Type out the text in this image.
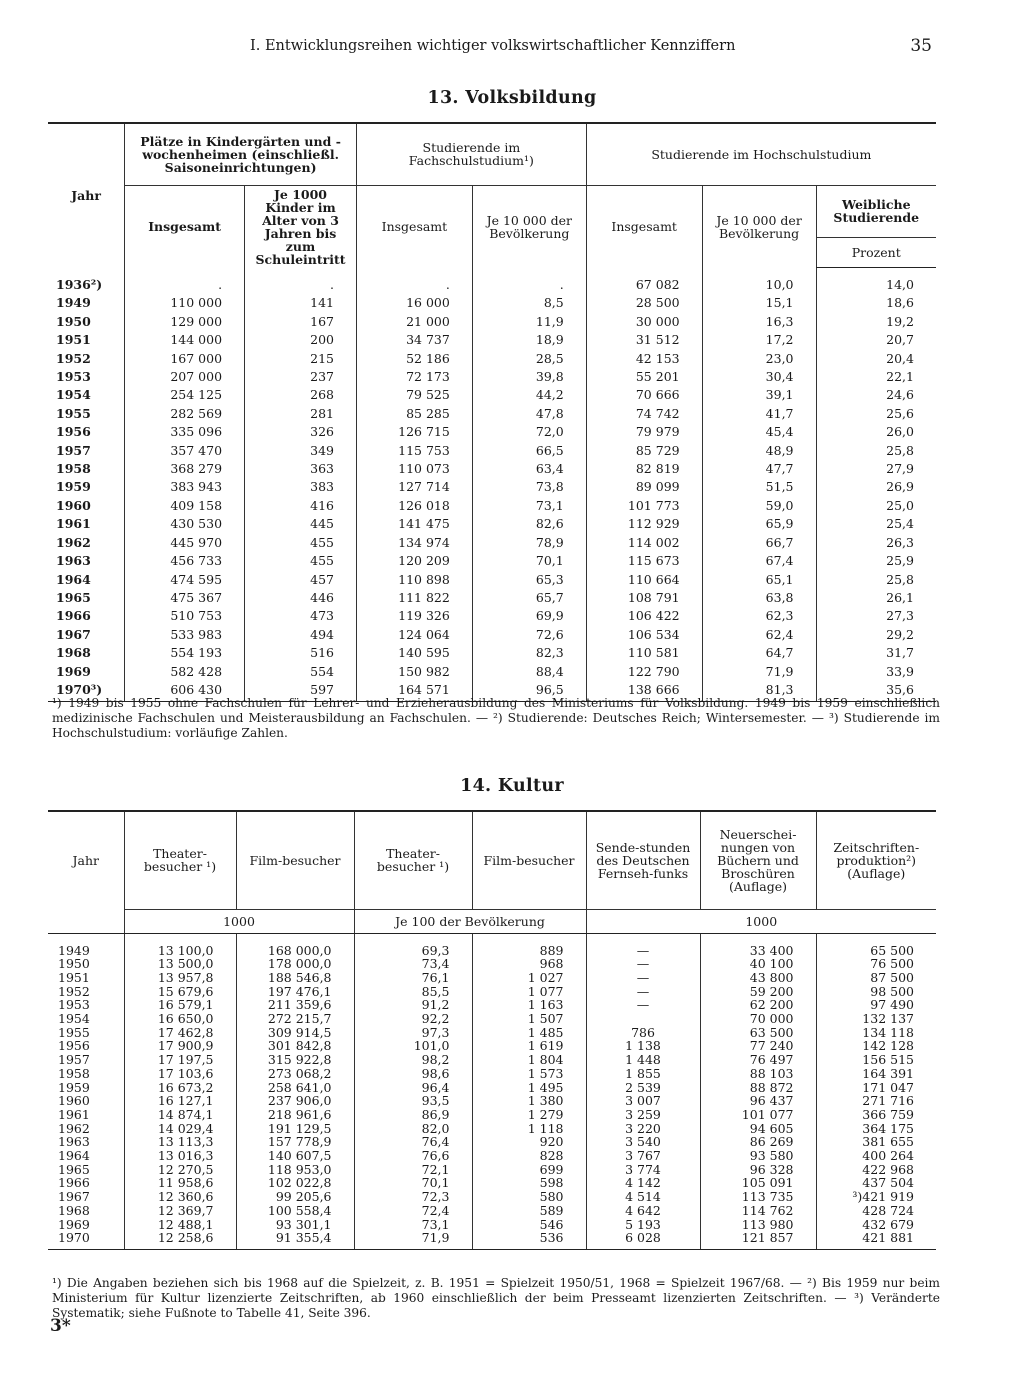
I. Entwicklungsreihen wichtiger volkswirtschaftlicher Kennziffern	35
13. Volksbildung
Jahr	Plätze in Kindergärten und -wochenheimen (einschließl. Saisoneinrichtungen)		Studierende im Fachschulstudium¹)		Studierende im Hochschulstudium		
	Insgesamt	Je 1000 Kinder im Alter von 3 Jahren bis zum Schuleintritt	Insgesamt	Je 10 000 der Bevölkerung	Insgesamt	Je 10 000 der Bevölkerung	Weibliche Studierende
							Prozent
1936²)	.	.	.	.	67 082	10,0	14,0
1949	110 000	141	16 000	8,5	28 500	15,1	18,6
1950	129 000	167	21 000	11,9	30 000	16,3	19,2
1951	144 000	200	34 737	18,9	31 512	17,2	20,7
1952	167 000	215	52 186	28,5	42 153	23,0	20,4
1953	207 000	237	72 173	39,8	55 201	30,4	22,1
1954	254 125	268	79 525	44,2	70 666	39,1	24,6
1955	282 569	281	85 285	47,8	74 742	41,7	25,6
1956	335 096	326	126 715	72,0	79 979	45,4	26,0
1957	357 470	349	115 753	66,5	85 729	48,9	25,8
1958	368 279	363	110 073	63,4	82 819	47,7	27,9
1959	383 943	383	127 714	73,8	89 099	51,5	26,9
1960	409 158	416	126 018	73,1	101 773	59,0	25,0
1961	430 530	445	141 475	82,6	112 929	65,9	25,4
1962	445 970	455	134 974	78,9	114 002	66,7	26,3
1963	456 733	455	120 209	70,1	115 673	67,4	25,9
1964	474 595	457	110 898	65,3	110 664	65,1	25,8
1965	475 367	446	111 822	65,7	108 791	63,8	26,1
1966	510 753	473	119 326	69,9	106 422	62,3	27,3
1967	533 983	494	124 064	72,6	106 534	62,4	29,2
1968	554 193	516	140 595	82,3	110 581	64,7	31,7
1969	582 428	554	150 982	88,4	122 790	71,9	33,9
1970³)	606 430	597	164 571	96,5	138 666	81,3	35,6
¹) 1949 bis 1955 ohne Fachschulen für Lehrer- und Erzieherausbildung des Ministeriums für Volksbildung. 1949 bis 1959 einschließlich medizinische Fachschulen und Meisterausbildung an Fachschulen. — ²) Studierende: Deutsches Reich; Wintersemester. — ³) Studierende im Hochschulstudium: vorläufige Zahlen.
14. Kultur
Jahr	Theater-besucher ¹)	Film-besucher	Theater-besucher ¹)	Film-besucher	Sende-stunden des Deutschen Fernseh-funks	Neuerschei-nungen von Büchern und Broschüren (Auflage)	Zeitschriften-produktion²) (Auflage)
	1000		Je 100 der Bevölkerung		1000		
1949	13 100,0	168 000,0	69,3	889	—	33 400	65 500
1950	13 500,0	178 000,0	73,4	968	—	40 100	76 500
1951	13 957,8	188 546,8	76,1	1 027	—	43 800	87 500
1952	15 679,6	197 476,1	85,5	1 077	—	59 200	98 500
1953	16 579,1	211 359,6	91,2	1 163	—	62 200	97 490
1954	16 650,0	272 215,7	92,2	1 507		70 000	132 137
1955	17 462,8	309 914,5	97,3	1 485	786	63 500	134 118
1956	17 900,9	301 842,8	101,0	1 619	1 138	77 240	142 128
1957	17 197,5	315 922,8	98,2	1 804	1 448	76 497	156 515
1958	17 103,6	273 068,2	98,6	1 573	1 855	88 103	164 391
1959	16 673,2	258 641,0	96,4	1 495	2 539	88 872	171 047
1960	16 127,1	237 906,0	93,5	1 380	3 007	96 437	271 716
1961	14 874,1	218 961,6	86,9	1 279	3 259	101 077	366 759
1962	14 029,4	191 129,5	82,0	1 118	3 220	94 605	364 175
1963	13 113,3	157 778,9	76,4	920	3 540	86 269	381 655
1964	13 016,3	140 607,5	76,6	828	3 767	93 580	400 264
1965	12 270,5	118 953,0	72,1	699	3 774	96 328	422 968
1966	11 958,6	102 022,8	70,1	598	4 142	105 091	437 504
1967	12 360,6	99 205,6	72,3	580	4 514	113 735	³)421 919
1968	12 369,7	100 558,4	72,4	589	4 642	114 762	428 724
1969	12 488,1	93 301,1	73,1	546	5 193	113 980	432 679
1970	12 258,6	91 355,4	71,9	536	6 028	121 857	421 881
¹) Die Angaben beziehen sich bis 1968 auf die Spielzeit, z. B. 1951 = Spielzeit 1950/51, 1968 = Spielzeit 1967/68. — ²) Bis 1959 nur beim Ministerium für Kultur lizenzierte Zeitschriften, ab 1960 einschließlich der beim Presseamt lizenzierten Zeitschriften. — ³) Veränderte Systematik; siehe Fußnote to Tabelle 41, Seite 396.
3*
